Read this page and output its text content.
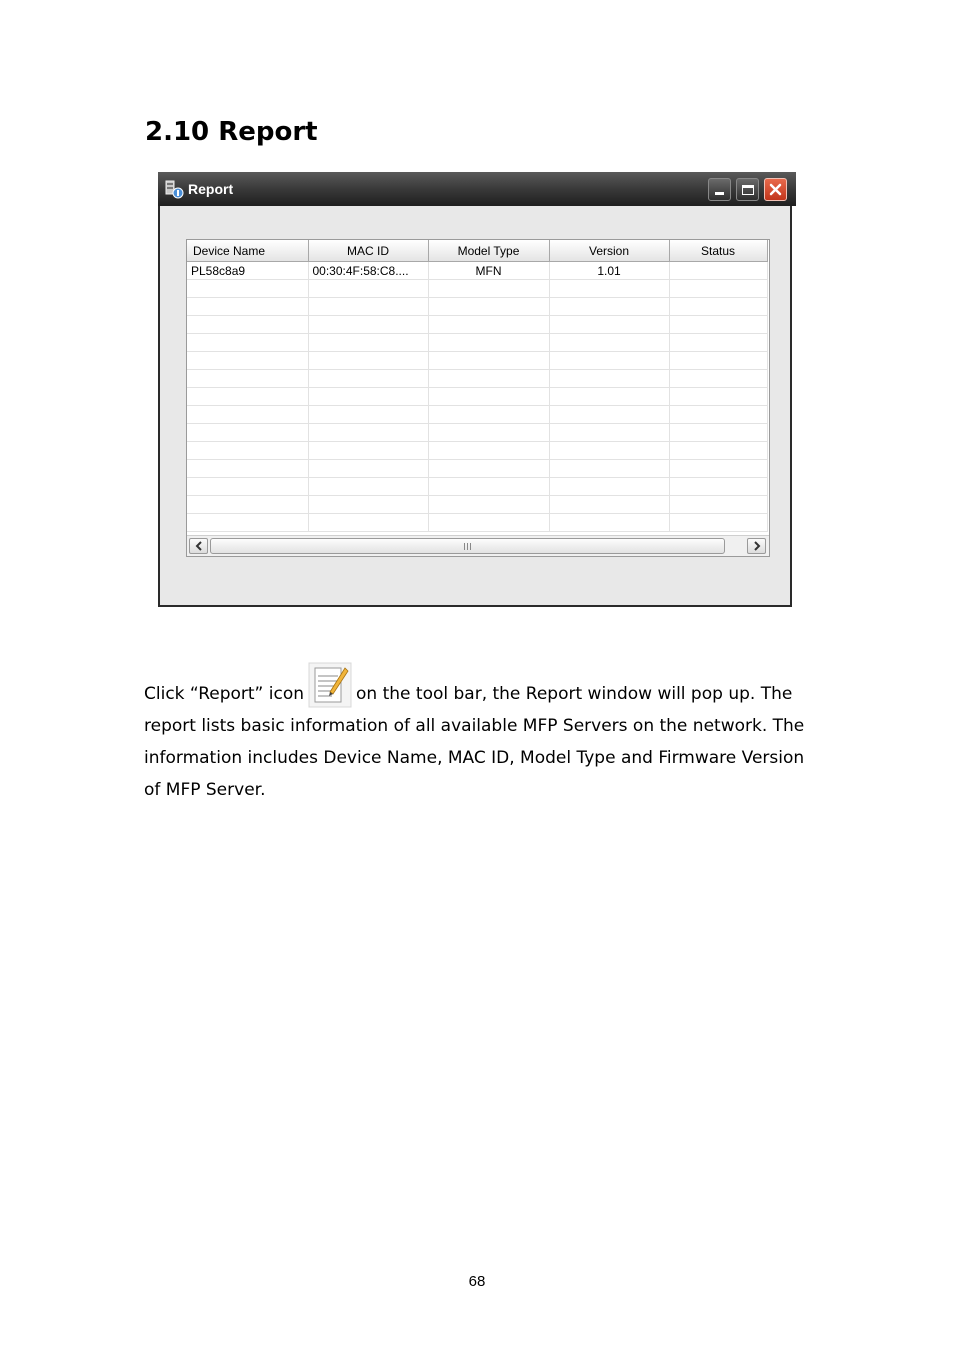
2.10 Report
Report
Device Name	MAC ID	Model Type	Version	Status
PL58c8a9	00:30:4F:58:C8....	MFN	1.01	

Click “Report” icon	on the tool bar, the Report window will pop up. The report lists basic information of all available MFP Servers on the network. The information includes Device Name, MAC ID, Model Type and Firmware Version of MFP Server.

68
